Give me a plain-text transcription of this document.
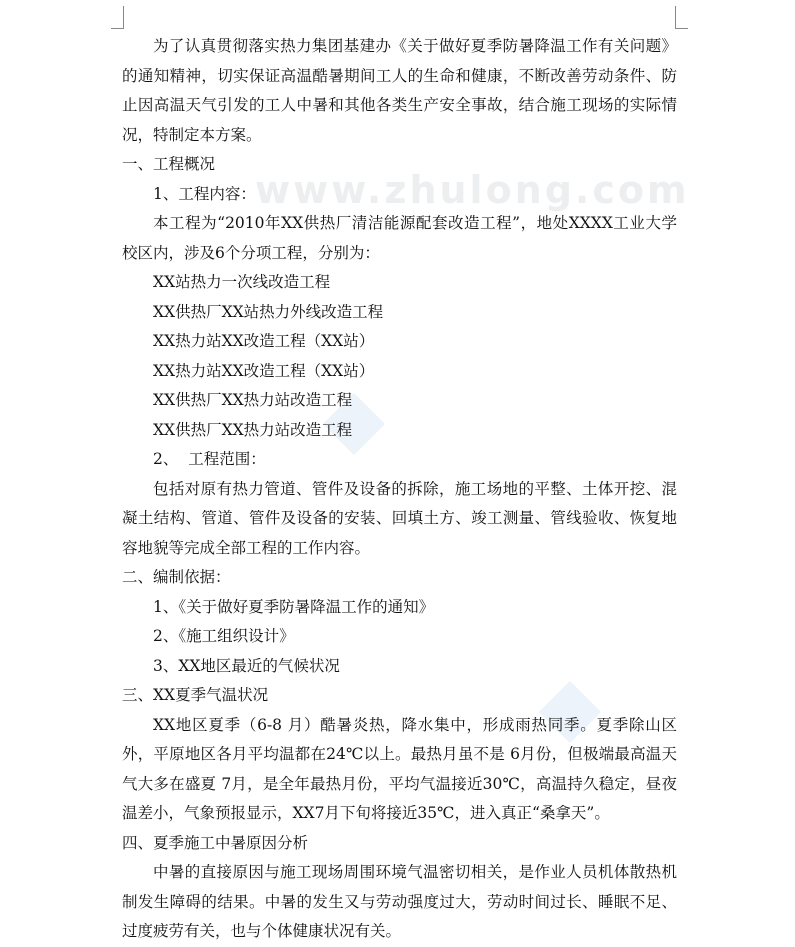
www.zhulong.com

为了认真贯彻落实热力集团基建办《关于做好夏季防暑降温工作有关问题》的通知精神，切实保证高温酷暑期间工人的生命和健康，不断改善劳动条件、防止因高温天气引发的工人中暑和其他各类生产安全事故，结合施工现场的实际情况，特制定本方案。

一、工程概况

1、工程内容：

本工程为“2010年XX供热厂清洁能源配套改造工程”，地处XXXX工业大学校区内，涉及6个分项工程，分别为：

XX站热力一次线改造工程

XX供热厂XX站热力外线改造工程

XX热力站XX改造工程（XX站）

XX热力站XX改造工程（XX站）

XX供热厂XX热力站改造工程

XX供热厂XX热力站改造工程

2、  工程范围：

包括对原有热力管道、管件及设备的拆除，施工场地的平整、土体开挖、混凝土结构、管道、管件及设备的安装、回填土方、竣工测量、管线验收、恢复地容地貌等完成全部工程的工作内容。

二、编制依据：

1、《关于做好夏季防暑降温工作的通知》

2、《施工组织设计》

3、XX地区最近的气候状况

三、XX夏季气温状况

XX地区夏季（6-8 月）酷暑炎热，降水集中，形成雨热同季。夏季除山区外，平原地区各月平均温都在24℃以上。最热月虽不是 6月份，但极端最高温天气大多在盛夏 7月，是全年最热月份，平均气温接近30℃，高温持久稳定，昼夜温差小，气象预报显示，XX7月下旬将接近35℃，进入真正“桑拿天”。

四、夏季施工中暑原因分析

中暑的直接原因与施工现场周围环境气温密切相关，是作业人员机体散热机制发生障碍的结果。中暑的发生又与劳动强度过大，劳动时间过长、睡眠不足、过度疲劳有关，也与个体健康状况有关。
